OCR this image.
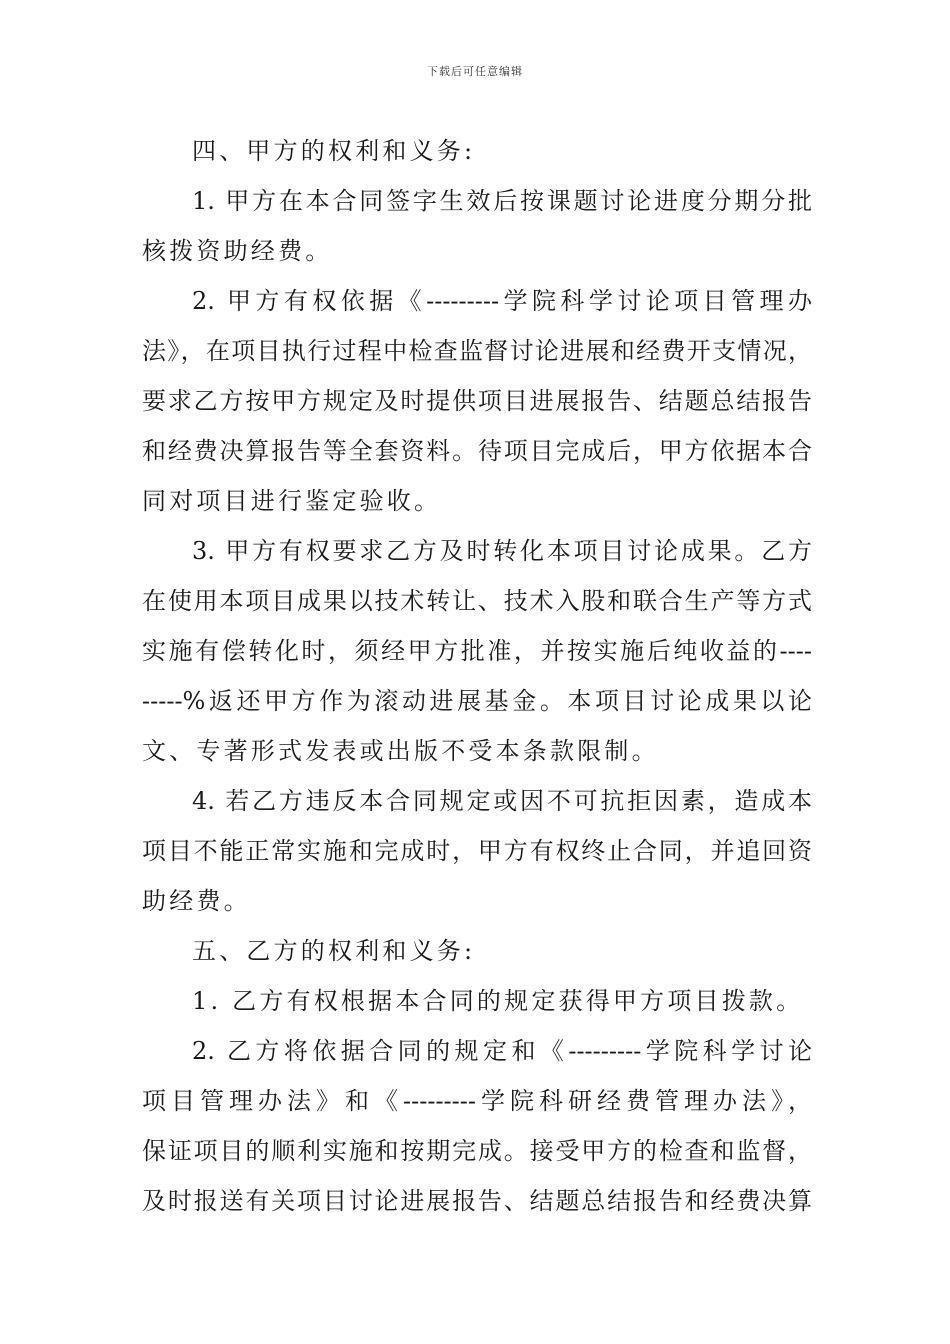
下载后可任意编辑
四、甲方的权利和义务:
1. 甲方在本合同签字生效后按课题讨论进度分期分批
核拨资助经费。
2. 甲方有权依据《---------学院科学讨论项目管理办
法》，在项目执行过程中检查监督讨论进展和经费开支情况，
要求乙方按甲方规定及时提供项目进展报告、结题总结报告
和经费决算报告等全套资料。待项目完成后，甲方依据本合
同对项目进行鉴定验收。
3. 甲方有权要求乙方及时转化本项目讨论成果。乙方
在使用本项目成果以技术转让、技术入股和联合生产等方式
实施有偿转化时，须经甲方批准，并按实施后纯收益的----
-----%返还甲方作为滚动进展基金。本项目讨论成果以论
文、专著形式发表或出版不受本条款限制。
4. 若乙方违反本合同规定或因不可抗拒因素，造成本
项目不能正常实施和完成时，甲方有权终止合同，并追回资
助经费。
五、乙方的权利和义务:
1. 乙方有权根据本合同的规定获得甲方项目拨款。
2. 乙方将依据合同的规定和《---------学院科学讨论
项目管理办法》和《---------学院科研经费管理办法》，
保证项目的顺利实施和按期完成。接受甲方的检查和监督，
及时报送有关项目讨论进展报告、结题总结报告和经费决算
